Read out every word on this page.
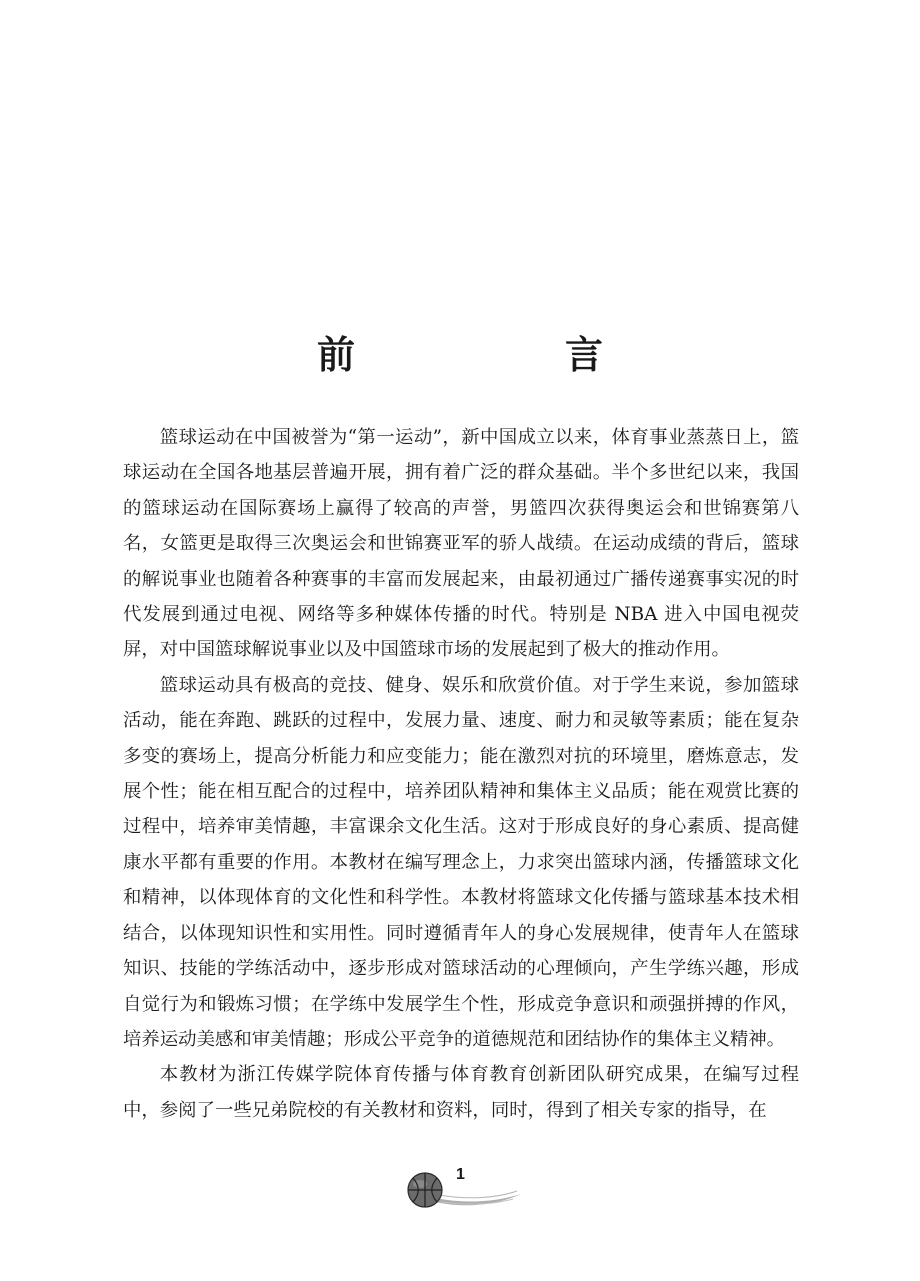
前　言

篮球运动在中国被誉为“第一运动”，新中国成立以来，体育事业蒸蒸日上，篮球运动在全国各地基层普遍开展，拥有着广泛的群众基础。半个多世纪以来，我国的篮球运动在国际赛场上赢得了较高的声誉，男篮四次获得奥运会和世锦赛第八名，女篮更是取得三次奥运会和世锦赛亚军的骄人战绩。在运动成绩的背后，篮球的解说事业也随着各种赛事的丰富而发展起来，由最初通过广播传递赛事实况的时代发展到通过电视、网络等多种媒体传播的时代。特别是 NBA 进入中国电视荧屏，对中国篮球解说事业以及中国篮球市场的发展起到了极大的推动作用。

篮球运动具有极高的竞技、健身、娱乐和欣赏价值。对于学生来说，参加篮球活动，能在奔跑、跳跃的过程中，发展力量、速度、耐力和灵敏等素质；能在复杂多变的赛场上，提高分析能力和应变能力；能在激烈对抗的环境里，磨炼意志，发展个性；能在相互配合的过程中，培养团队精神和集体主义品质；能在观赏比赛的过程中，培养审美情趣，丰富课余文化生活。这对于形成良好的身心素质、提高健康水平都有重要的作用。本教材在编写理念上，力求突出篮球内涵，传播篮球文化和精神，以体现体育的文化性和科学性。本教材将篮球文化传播与篮球基本技术相结合，以体现知识性和实用性。同时遵循青年人的身心发展规律，使青年人在篮球知识、技能的学练活动中，逐步形成对篮球活动的心理倾向，产生学练兴趣，形成自觉行为和锻炼习惯；在学练中发展学生个性，形成竞争意识和顽强拼搏的作风，培养运动美感和审美情趣；形成公平竞争的道德规范和团结协作的集体主义精神。

本教材为浙江传媒学院体育传播与体育教育创新团队研究成果，在编写过程中，参阅了一些兄弟院校的有关教材和资料，同时，得到了相关专家的指导，在

1
